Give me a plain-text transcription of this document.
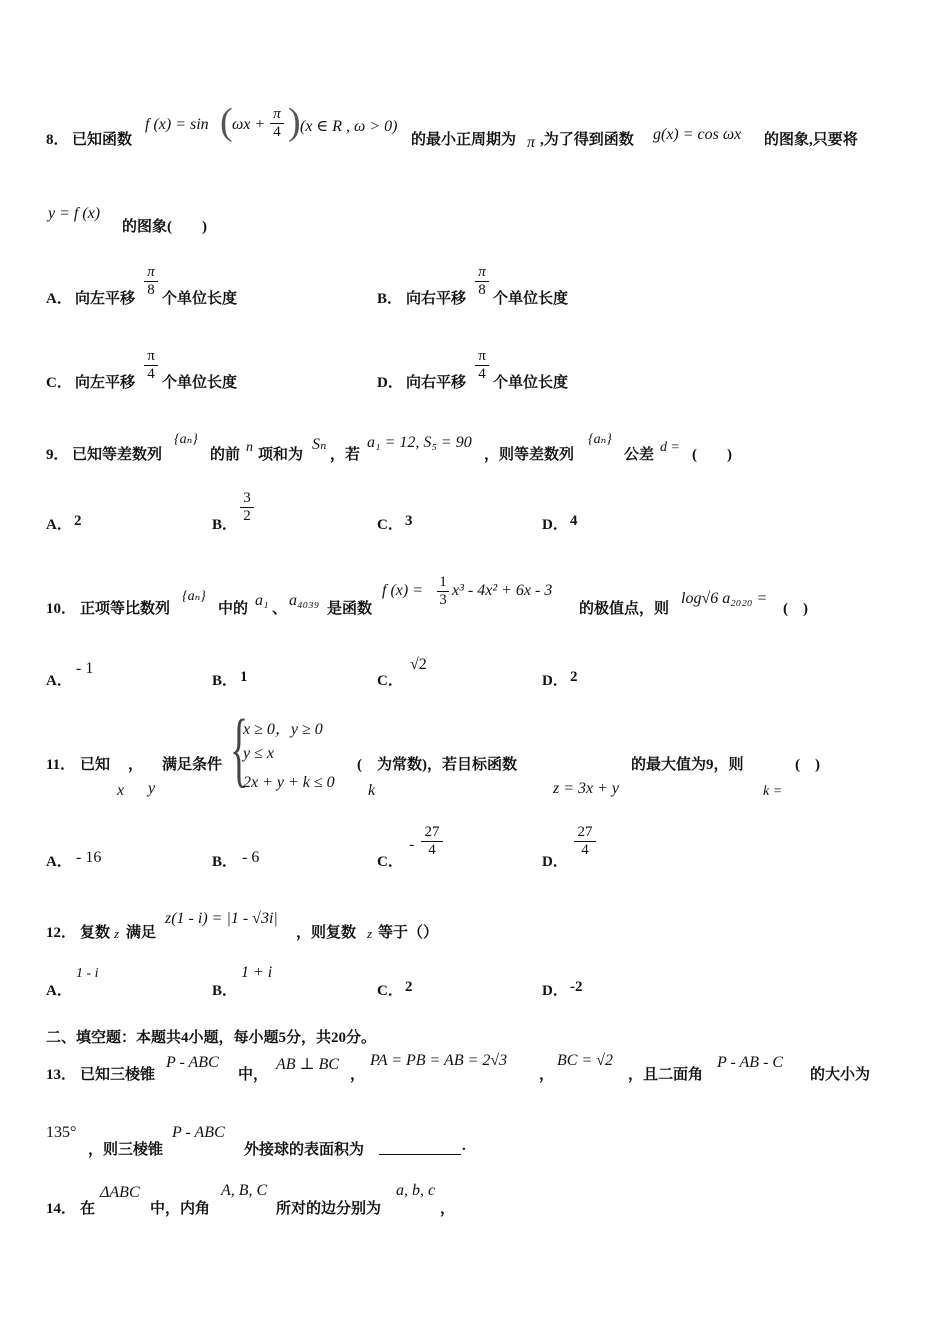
8． 已知函数
f (x) = sin ( ωx +
π
4 ) (x ∈ R , ω > 0)
的最小正周期为 π ,为了得到函数 g(x) = cos ωx 的图象,只要将
y = f (x)
的图象(　　)
A． 向左平移
π
8
个单位长度	B． 向右平移
π
8
个单位长度
C． 向左平移
π
4
个单位长度	D． 向右平移
π
4
个单位长度
9． 已知等差数列
{aₙ}
的前 n 项和为
Sₙ
，若
a₁ = 12, S₅ = 90
，则等差数列
{aₙ}
公差 d = (　　)
A． 2	B．
3
2
C． 3	D． 4
10． 正项等比数列
{aₙ}
中的 a₁ 、 a₄₀₃₉ 是函数
f (x) = 1
3
x³ - 4x² + 6x - 3
的极值点，则
log√6 a₂₀₂₀ =
(　)
A．
- 1
B． 1	C．
√2
D． 2
11． 已知
x
，
y
满足条件 {
x ≥ 0，y ≥ 0
y ≤ x
2x + y + k ≤ 0
(　为常数)，若目标函数
k
的最大值为9，则
z = 3x + y	k =
(　)
A． - 16	B． - 6	C．
-
27
4
D．
27
4
12． 复数 z 满足
z(1 - i) = |1 - √3i|
，则复数 z 等于（）
A．
1 - i
B．
1 + i
C． 2	D． -2
二、填空题：本题共4小题，每小题5分，共20分。
13． 已知三棱锥
P - ABC
中，
AB ⊥ BC
，
PA = PB = AB = 2√3
，
BC = √2
，且二面角
P - AB - C
的大小为
135°
，则三棱锥
P - ABC
外接球的表面积为	.
14． 在
ΔABC
中，内角
A, B, C
所对的边分别为
a, b, c
，
